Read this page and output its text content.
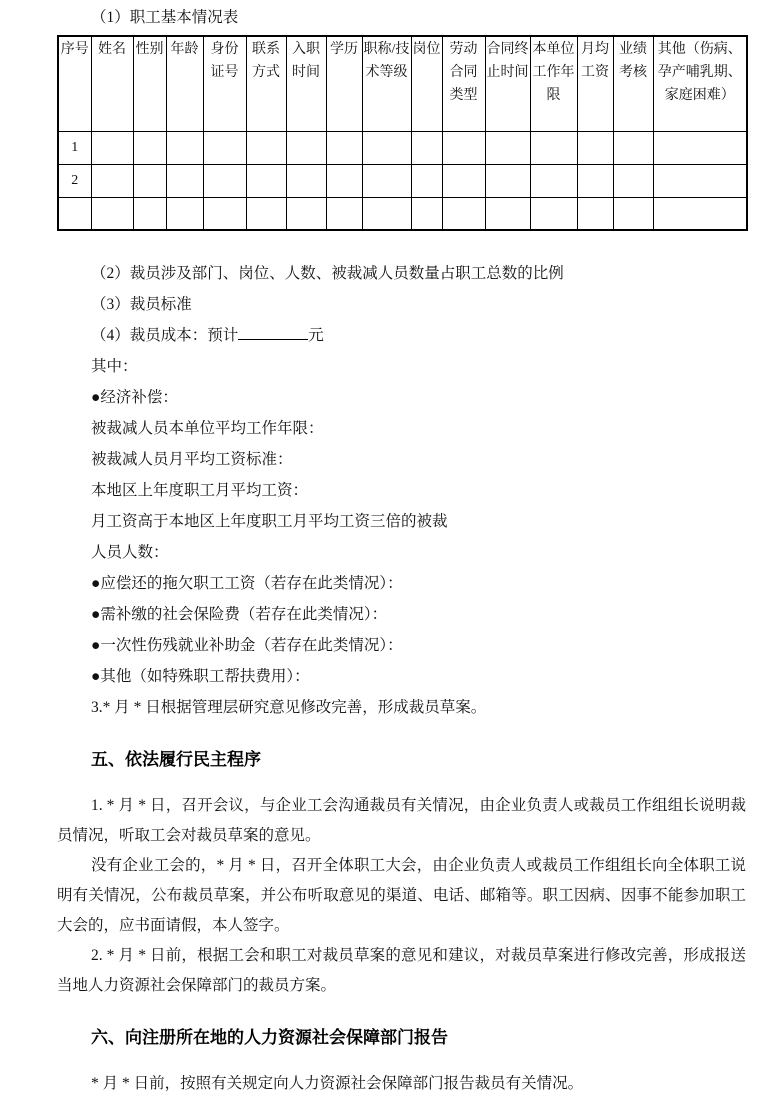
（1）职工基本情况表

序号	姓名	性别	年龄	身份证号	联系方式	入职时间	学历	职称/技术等级	岗位	劳动合同类型	合同终止时间	本单位工作年限	月均工资	业绩考核	其他（伤病、孕产哺乳期、家庭困难）
1															
2															

（2）裁员涉及部门、岗位、人数、被裁减人员数量占职工总数的比例
（3）裁员标准
（4）裁员成本：预计	元
其中：
●经济补偿：
被裁减人员本单位平均工作年限：
被裁减人员月平均工资标准：
本地区上年度职工月平均工资：
月工资高于本地区上年度职工月平均工资三倍的被裁
人员人数：
●应偿还的拖欠职工工资（若存在此类情况）：
●需补缴的社会保险费（若存在此类情况）：
●一次性伤残就业补助金（若存在此类情况）：
●其他（如特殊职工帮扶费用）：
3.* 月 * 日根据管理层研究意见修改完善，形成裁员草案。
五、依法履行民主程序

1. * 月 * 日，召开会议，与企业工会沟通裁员有关情况，由企业负责人或裁员工作组组长说明裁员情况，听取工会对裁员草案的意见。

没有企业工会的，* 月 * 日，召开全体职工大会，由企业负责人或裁员工作组组长向全体职工说明有关情况，公布裁员草案，并公布听取意见的渠道、电话、邮箱等。职工因病、因事不能参加职工大会的，应书面请假，本人签字。

2. * 月 * 日前，根据工会和职工对裁员草案的意见和建议，对裁员草案进行修改完善，形成报送当地人力资源社会保障部门的裁员方案。

六、向注册所在地的人力资源社会保障部门报告

* 月 * 日前，按照有关规定向人力资源社会保障部门报告裁员有关情况。
